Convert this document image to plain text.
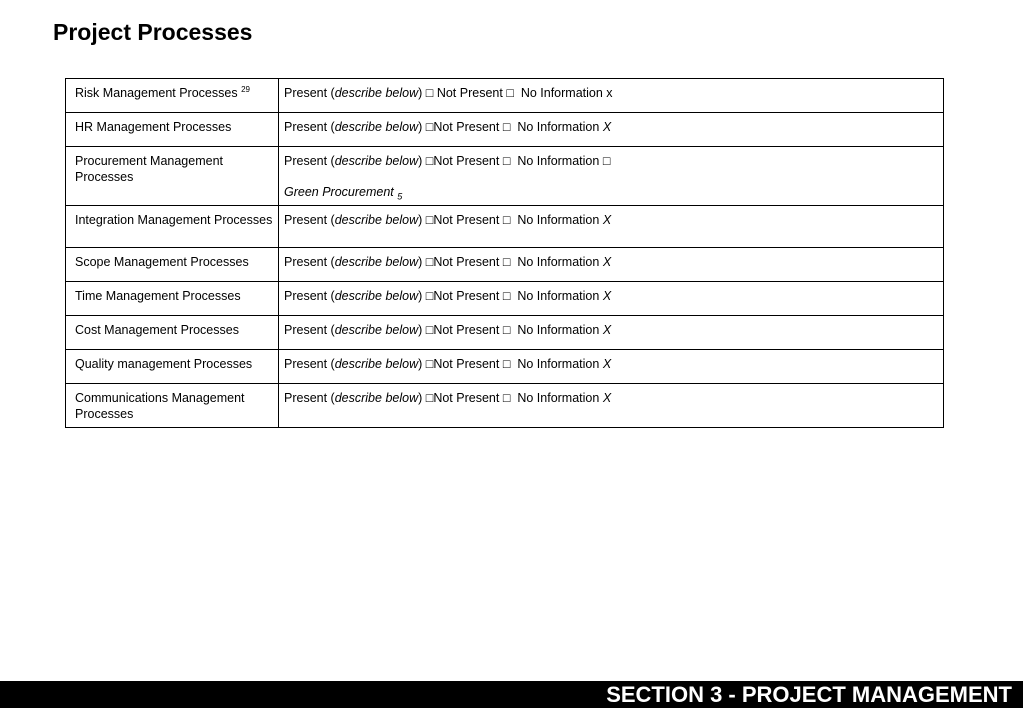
Project Processes
Risk Management Processes $^{29}$	Present (describe below) □ Not Present □ No Information x
HR Management Processes	Present (describe below) □Not Present □ No Information X
Procurement Management Processes	Present (describe below) □Not Present □ No Information □
Green Procurement $_5$

Integration Management Processes	Present (describe below) □Not Present □ No Information X
Scope Management Processes	Present (describe below) □Not Present □ No Information X
Time Management Processes	Present (describe below) □Not Present □ No Information X
Cost Management Processes	Present (describe below) □Not Present □ No Information X
Quality management Processes	Present (describe below) □Not Present □ No Information X
Communications Management Processes	Present (describe below) □Not Present □ No Information X
SECTION 3 - PROJECT MANAGEMENT
